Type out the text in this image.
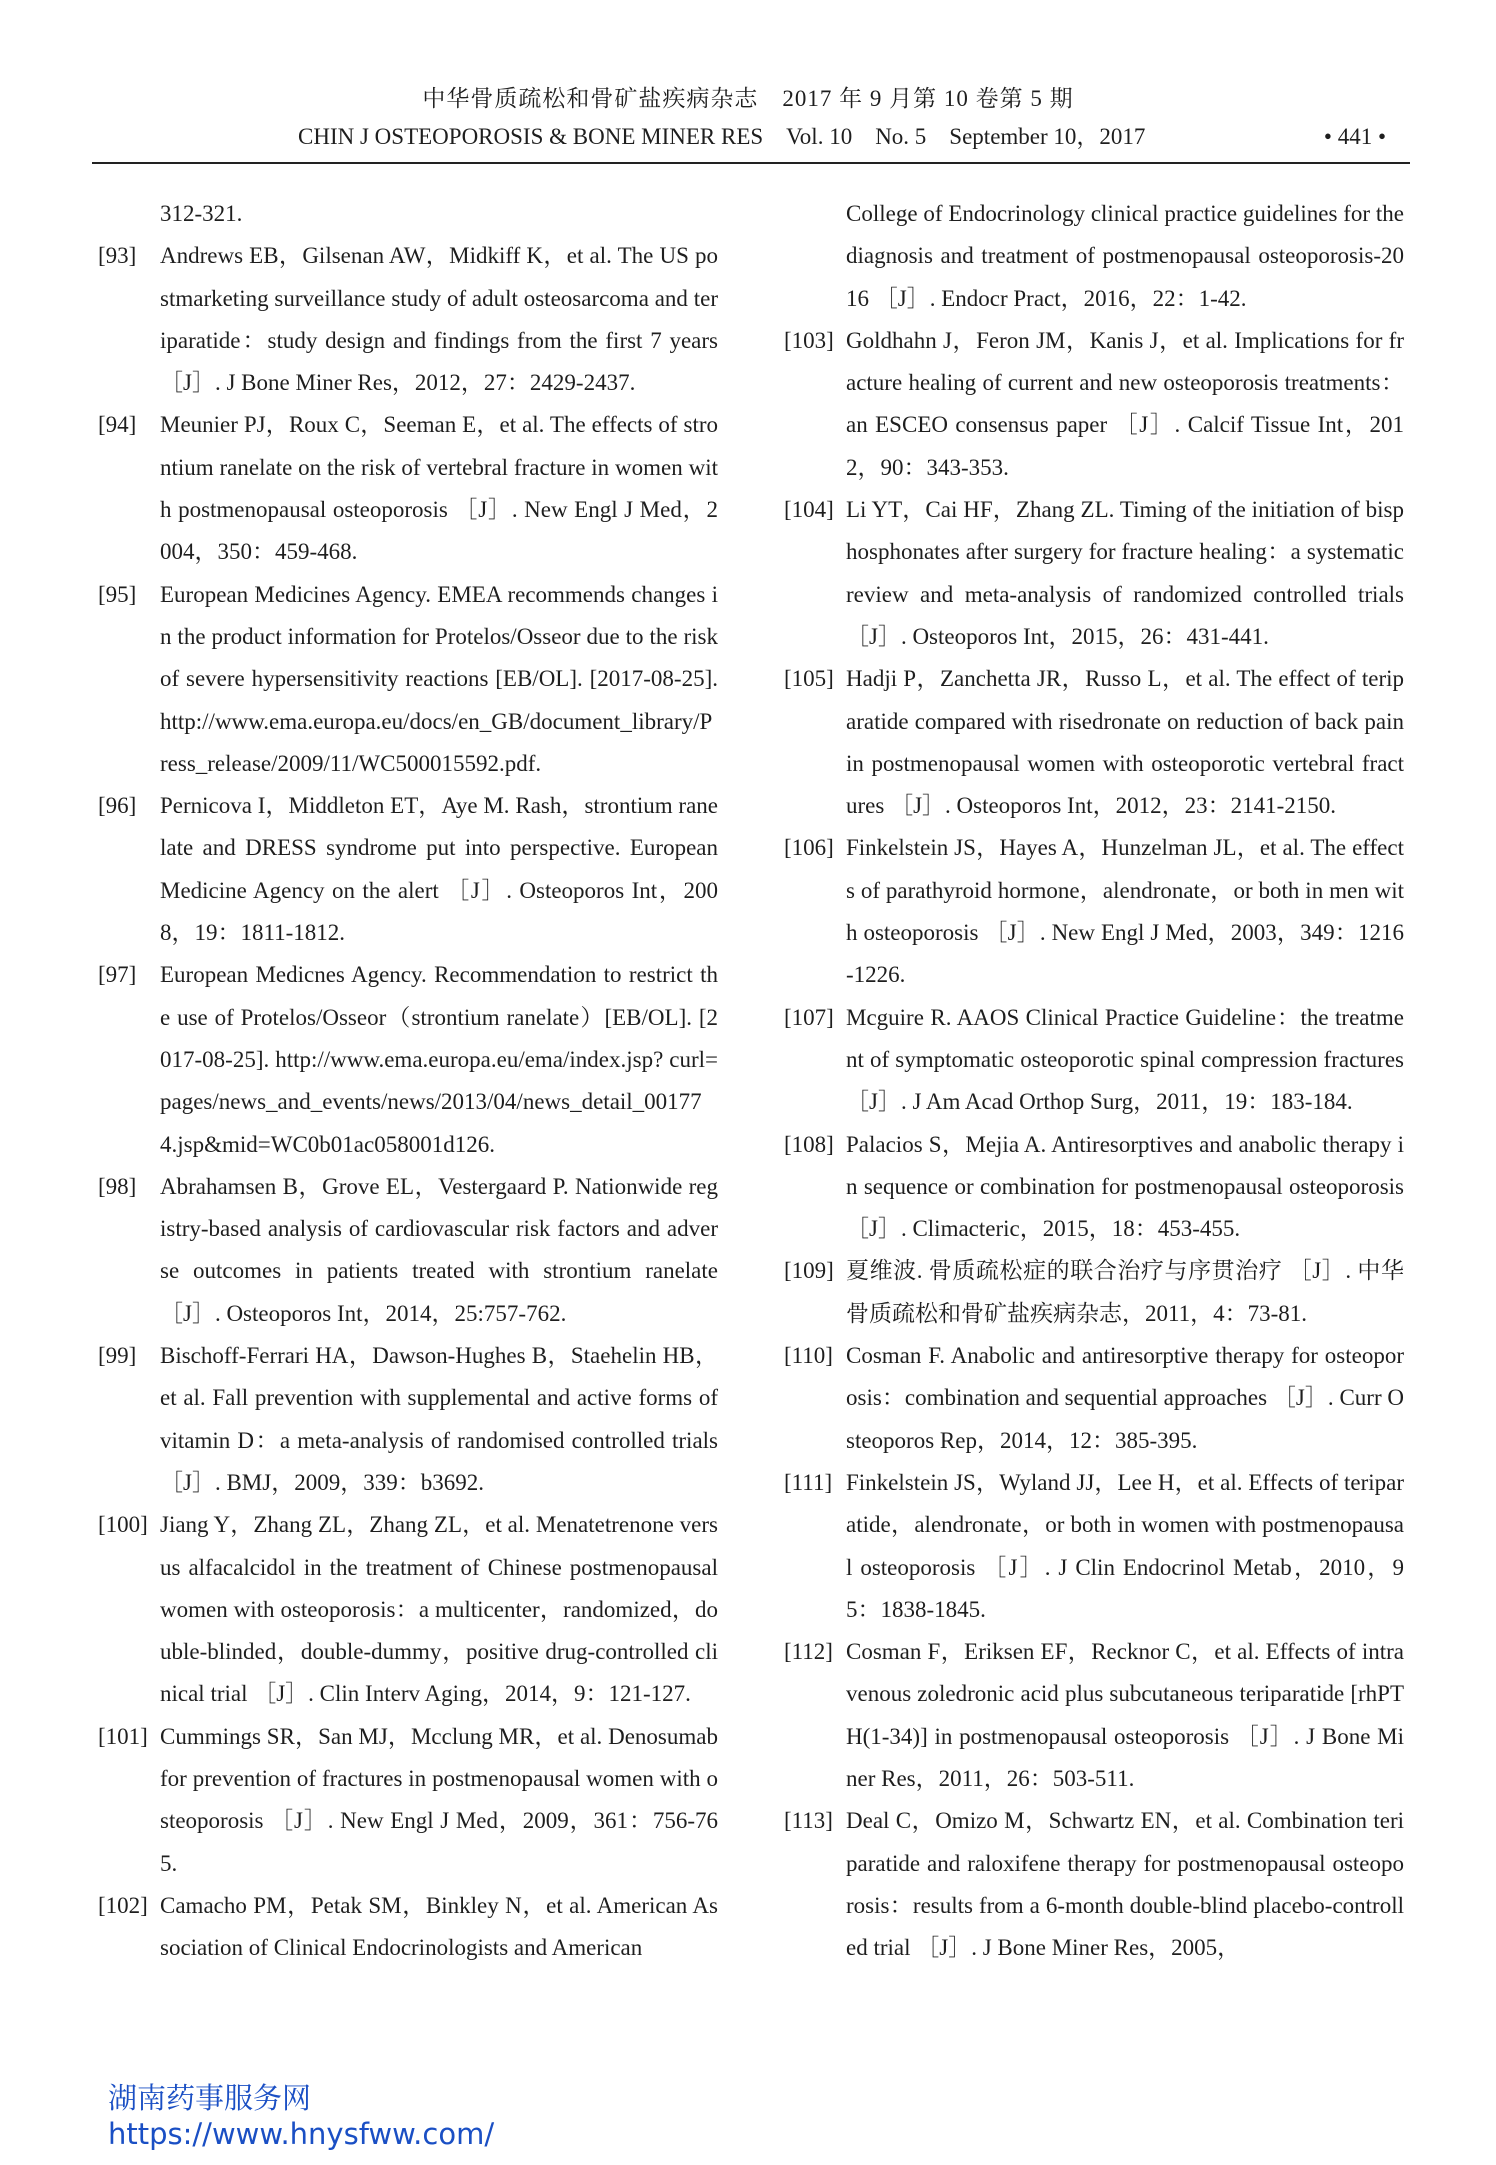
中华骨质疏松和骨矿盐疾病杂志　2017 年 9 月第 10 卷第 5 期
CHIN J OSTEOPOROSIS & BONE MINER RES　Vol. 10　No. 5　September 10，2017	• 441 •
312-321.
[93] Andrews EB，Gilsenan AW，Midkiff K，et al. The US postmarketing surveillance study of adult osteosarcoma and teriparatide：study design and findings from the first 7 years ［J］. J Bone Miner Res，2012，27：2429-2437.
[94] Meunier PJ，Roux C，Seeman E，et al. The effects of strontium ranelate on the risk of vertebral fracture in women with postmenopausal osteoporosis ［J］. New Engl J Med，2004，350：459-468.
[95] European Medicines Agency. EMEA recommends changes in the product information for Protelos/Osseor due to the risk of severe hypersensitivity reactions [EB/OL]. [2017-08-25]. http://www.ema.europa.eu/docs/en_GB/document_library/Press_release/2009/11/WC500015592.pdf.
[96] Pernicova I，Middleton ET，Aye M. Rash，strontium ranelate and DRESS syndrome put into perspective. European Medicine Agency on the alert ［J］. Osteoporos Int，2008，19：1811-1812.
[97] European Medicnes Agency. Recommendation to restrict the use of Protelos/Osseor（strontium ranelate）[EB/OL]. [2017-08-25]. http://www.ema.europa.eu/ema/index.jsp? curl=pages/news_and_events/news/2013/04/news_detail_001774.jsp&mid=WC0b01ac058001d126.
[98] Abrahamsen B，Grove EL，Vestergaard P. Nationwide registry-based analysis of cardiovascular risk factors and adverse outcomes in patients treated with strontium ranelate ［J］. Osteoporos Int，2014，25:757-762.
[99] Bischoff-Ferrari HA，Dawson-Hughes B，Staehelin HB，et al. Fall prevention with supplemental and active forms of vitamin D：a meta-analysis of randomised controlled trials ［J］. BMJ，2009，339：b3692.
[100] Jiang Y，Zhang ZL，Zhang ZL，et al. Menatetrenone versus alfacalcidol in the treatment of Chinese postmenopausal women with osteoporosis：a multicenter，randomized，double-blinded，double-dummy，positive drug-controlled clinical trial ［J］. Clin Interv Aging，2014，9：121-127.
[101] Cummings SR，San MJ，Mcclung MR，et al. Denosumab for prevention of fractures in postmenopausal women with osteoporosis ［J］. New Engl J Med，2009，361：756-765.
[102] Camacho PM，Petak SM，Binkley N，et al. American Association of Clinical Endocrinologists and American
College of Endocrinology clinical practice guidelines for the diagnosis and treatment of postmenopausal osteoporosis-2016 ［J］. Endocr Pract，2016，22：1-42.
[103] Goldhahn J，Feron JM，Kanis J，et al. Implications for fracture healing of current and new osteoporosis treatments：an ESCEO consensus paper ［J］. Calcif Tissue Int，2012，90：343-353.
[104] Li YT，Cai HF，Zhang ZL. Timing of the initiation of bisphosphonates after surgery for fracture healing：a systematic review and meta-analysis of randomized controlled trials ［J］. Osteoporos Int，2015，26：431-441.
[105] Hadji P，Zanchetta JR，Russo L，et al. The effect of teriparatide compared with risedronate on reduction of back pain in postmenopausal women with osteoporotic vertebral fractures ［J］. Osteoporos Int，2012，23：2141-2150.
[106] Finkelstein JS，Hayes A，Hunzelman JL，et al. The effects of parathyroid hormone，alendronate，or both in men with osteoporosis ［J］. New Engl J Med，2003，349：1216-1226.
[107] Mcguire R. AAOS Clinical Practice Guideline：the treatment of symptomatic osteoporotic spinal compression fractures ［J］. J Am Acad Orthop Surg，2011，19：183-184.
[108] Palacios S，Mejia A. Antiresorptives and anabolic therapy in sequence or combination for postmenopausal osteoporosis ［J］. Climacteric，2015，18：453-455.
[109] 夏维波. 骨质疏松症的联合治疗与序贯治疗 ［J］. 中华骨质疏松和骨矿盐疾病杂志，2011，4：73-81.
[110] Cosman F. Anabolic and antiresorptive therapy for osteoporosis：combination and sequential approaches ［J］. Curr Osteoporos Rep，2014，12：385-395.
[111] Finkelstein JS，Wyland JJ，Lee H，et al. Effects of teriparatide，alendronate，or both in women with postmenopausal osteoporosis ［J］. J Clin Endocrinol Metab，2010，95：1838-1845.
[112] Cosman F，Eriksen EF，Recknor C，et al. Effects of intravenous zoledronic acid plus subcutaneous teriparatide [rhPTH(1-34)] in postmenopausal osteoporosis ［J］. J Bone Miner Res，2011，26：503-511.
[113] Deal C，Omizo M，Schwartz EN，et al. Combination teriparatide and raloxifene therapy for postmenopausal osteoporosis：results from a 6-month double-blind placebo-controlled trial ［J］. J Bone Miner Res，2005，
湖南药事服务网
https://www.hnysfww.com/
